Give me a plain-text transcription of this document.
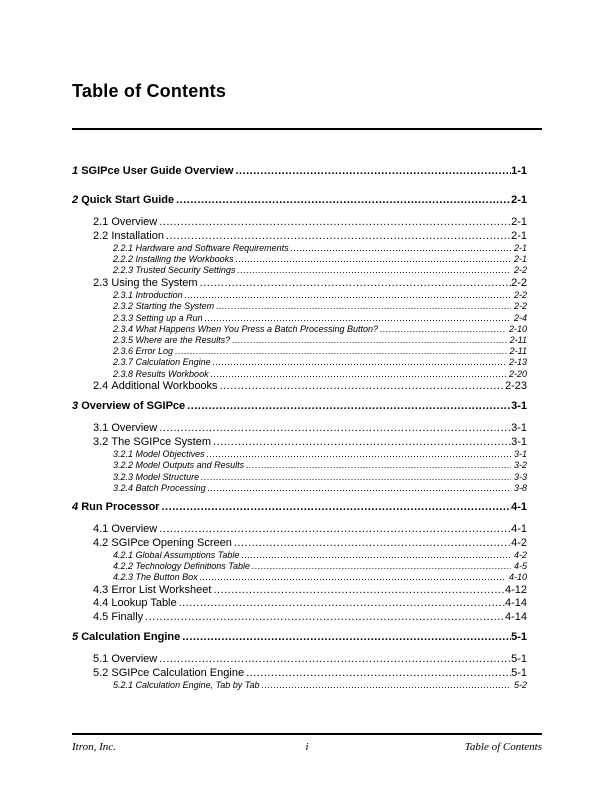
Table of Contents
1 SGIPce User Guide Overview .....	1-1
2 Quick Start Guide .....	2-1
2.1 Overview .....	2-1
2.2 Installation .....	2-1
2.2.1 Hardware and Software Requirements .....	2-1
2.2.2 Installing the Workbooks .....	2-1
2.2.3 Trusted Security Settings .....	2-2
2.3 Using the System .....	2-2
2.3.1 Introduction .....	2-2
2.3.2 Starting the System .....	2-2
2.3.3 Setting up a Run .....	2-4
2.3.4 What Happens When You Press a Batch Processing Button? .....	2-10
2.3.5 Where are the Results? .....	2-11
2.3.6 Error Log .....	2-11
2.3.7 Calculation Engine .....	2-13
2.3.8 Results Workbook .....	2-20
2.4 Additional Workbooks .....	2-23
3 Overview of SGIPce .....	3-1
3.1 Overview .....	3-1
3.2 The SGIPce System .....	3-1
3.2.1 Model Objectives .....	3-1
3.2.2 Model Outputs and Results .....	3-2
3.2.3 Model Structure .....	3-3
3.2.4 Batch Processing .....	3-8
4 Run Processor .....	4-1
4.1 Overview .....	4-1
4.2 SGIPce Opening Screen .....	4-2
4.2.1 Global Assumptions Table .....	4-2
4.2.2 Technology Definitions Table .....	4-5
4.2.3 The Button Box .....	4-10
4.3 Error List Worksheet .....	4-12
4.4 Lookup Table .....	4-14
4.5 Finally .....	4-14
5 Calculation Engine .....	5-1
5.1 Overview .....	5-1
5.2 SGIPce Calculation Engine .....	5-1
5.2.1 Calculation Engine, Tab by Tab .....	5-2
Itron, Inc.	i	Table of Contents
